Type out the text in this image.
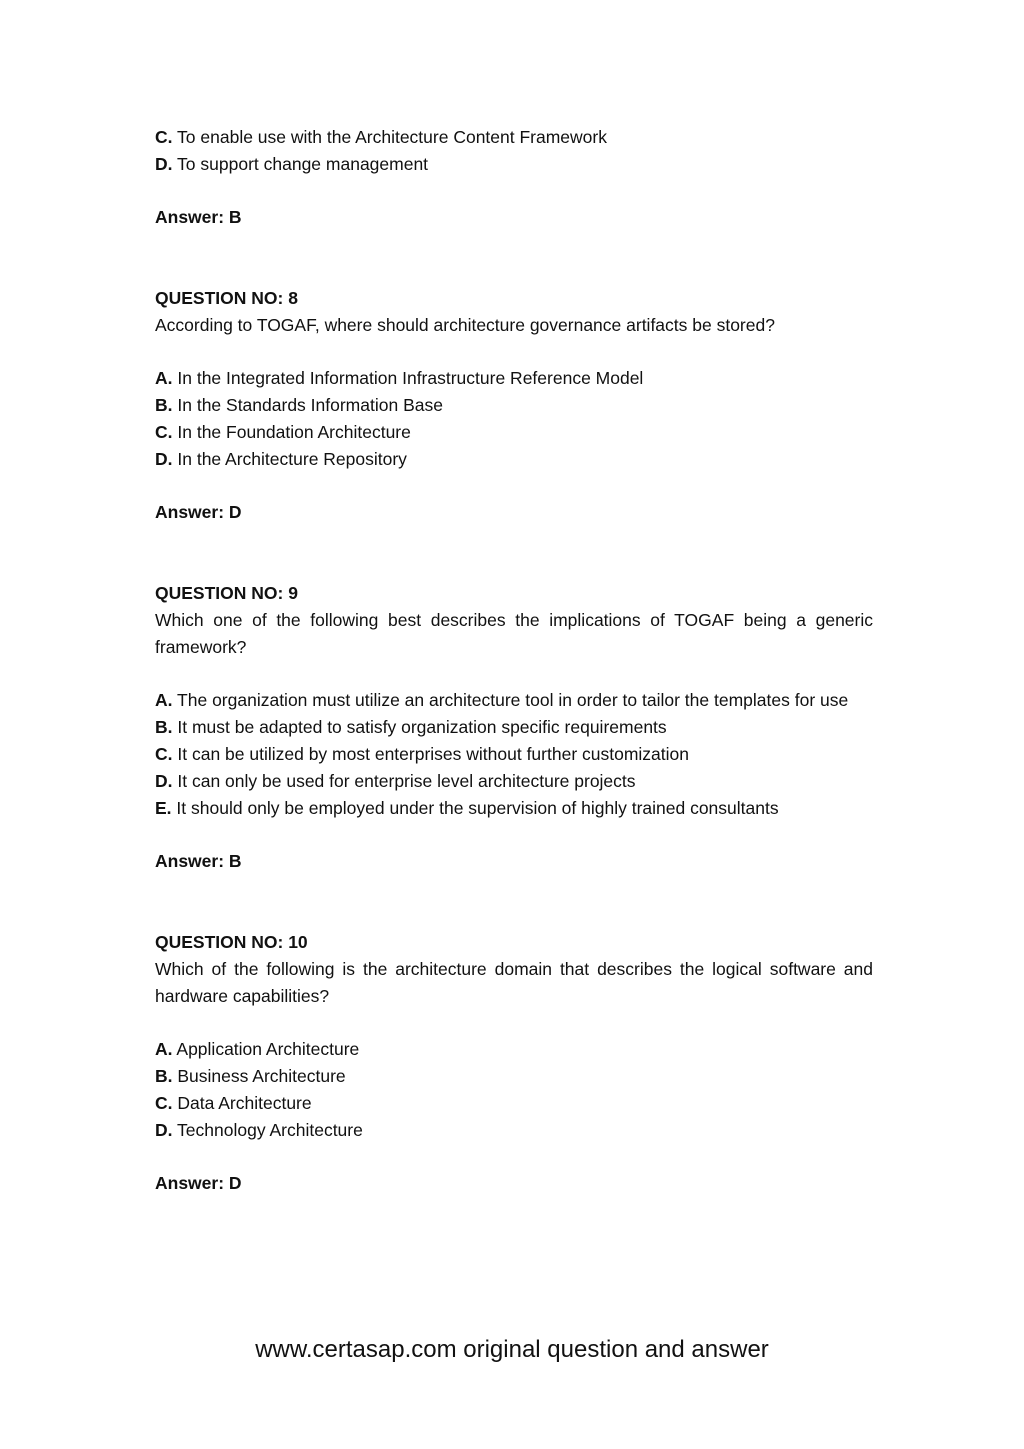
C. To enable use with the Architecture Content Framework
D. To support change management
Answer: B
QUESTION NO: 8
According to TOGAF, where should architecture governance artifacts be stored?
A. In the Integrated Information Infrastructure Reference Model
B. In the Standards Information Base
C. In the Foundation Architecture
D. In the Architecture Repository
Answer: D
QUESTION NO: 9
Which one of the following best describes the implications of TOGAF being a generic framework?
A. The organization must utilize an architecture tool in order to tailor the templates for use
B. It must be adapted to satisfy organization specific requirements
C. It can be utilized by most enterprises without further customization
D. It can only be used for enterprise level architecture projects
E. It should only be employed under the supervision of highly trained consultants
Answer: B
QUESTION NO: 10
Which of the following is the architecture domain that describes the logical software and hardware capabilities?
A. Application Architecture
B. Business Architecture
C. Data Architecture
D. Technology Architecture
Answer: D
www.certasap.com original question and answer
